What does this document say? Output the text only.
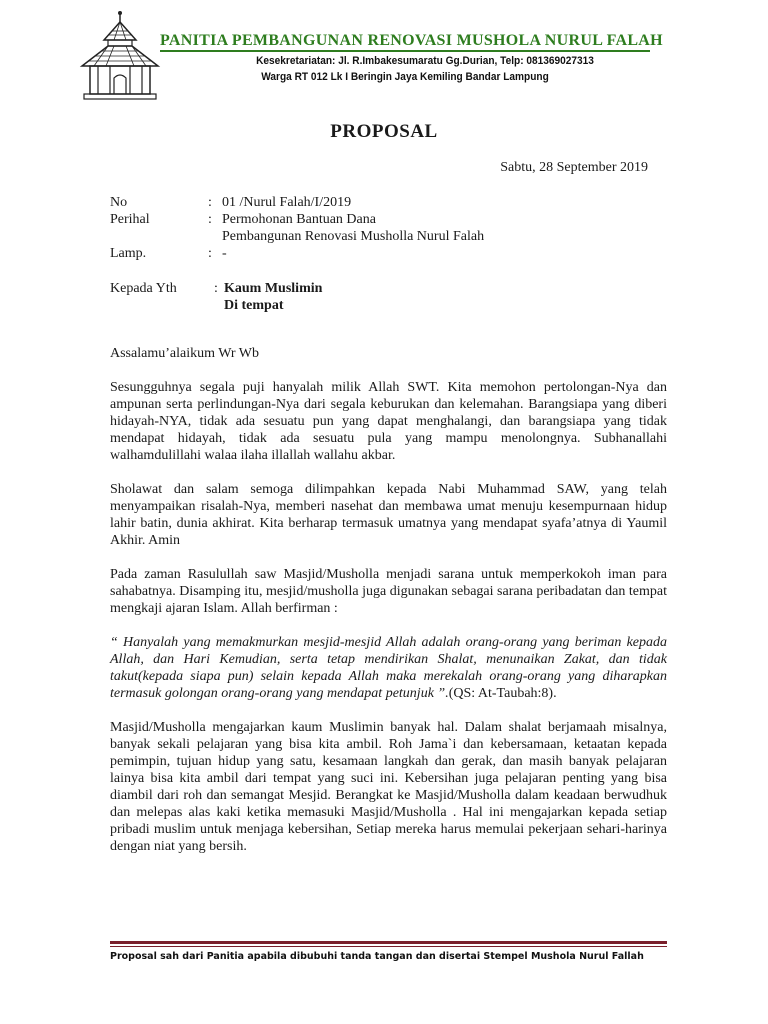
PANITIA PEMBANGUNAN RENOVASI MUSHOLA NURUL FALAH
Kesekretariatan: Jl. R.Imbakesumaratu Gg.Durian, Telp: 081369027313
Warga RT 012 Lk I Beringin Jaya Kemiling Bandar Lampung
PROPOSAL
Sabtu, 28 September 2019
No	: 01 /Nurul Falah/I/2019
Perihal	: Permohonan Bantuan Dana
Pembangunan Renovasi Musholla Nurul Falah
Lamp.	: -
Kepada Yth	: Kaum Muslimin
Di tempat

Assalamu’alaikum Wr Wb

Sesungguhnya segala puji hanyalah milik Allah SWT. Kita memohon pertolongan-Nya dan ampunan serta perlindungan-Nya dari segala keburukan dan kelemahan. Barangsiapa yang diberi hidayah-NYA, tidak ada sesuatu pun yang dapat menghalangi, dan barangsiapa yang tidak mendapat hidayah, tidak ada sesuatu pula yang mampu menolongnya. Subhanallahi walhamdulillahi walaa ilaha illallah wallahu akbar.

Sholawat dan salam semoga dilimpahkan kepada Nabi Muhammad SAW, yang telah menyampaikan risalah-Nya, memberi nasehat dan membawa umat menuju kesempurnaan hidup lahir batin, dunia akhirat. Kita berharap termasuk umatnya yang mendapat syafa’atnya di Yaumil Akhir. Amin

Pada zaman Rasulullah saw Masjid/Musholla menjadi sarana untuk memperkokoh iman para sahabatnya. Disamping itu, mesjid/musholla juga digunakan sebagai sarana peribadatan dan tempat mengkaji ajaran Islam. Allah berfirman :

“ Hanyalah yang memakmurkan mesjid-mesjid Allah adalah orang-orang yang beriman kepada Allah, dan Hari Kemudian, serta tetap mendirikan Shalat, menunaikan Zakat, dan tidak takut(kepada siapa pun) selain kepada Allah maka merekalah orang-orang yang diharapkan termasuk golongan orang-orang yang mendapat petunjuk ”.(QS: At-Taubah:8).

Masjid/Musholla mengajarkan kaum Muslimin banyak hal. Dalam shalat berjamaah misalnya, banyak sekali pelajaran yang bisa kita ambil. Roh Jama`i dan kebersamaan, ketaatan kepada pemimpin, tujuan hidup yang satu, kesamaan langkah dan gerak, dan masih banyak pelajaran lainya bisa kita ambil dari tempat yang suci ini. Kebersihan juga pelajaran penting yang bisa diambil dari roh dan semangat Mesjid. Berangkat ke Masjid/Musholla dalam keadaan berwudhuk dan melepas alas kaki ketika memasuki Masjid/Musholla . Hal ini mengajarkan kepada setiap pribadi muslim untuk menjaga kebersihan, Setiap mereka harus memulai pekerjaan sehari-harinya dengan niat yang bersih.

Proposal sah dari Panitia apabila dibubuhi tanda tangan dan disertai Stempel Mushola Nurul Fallah
